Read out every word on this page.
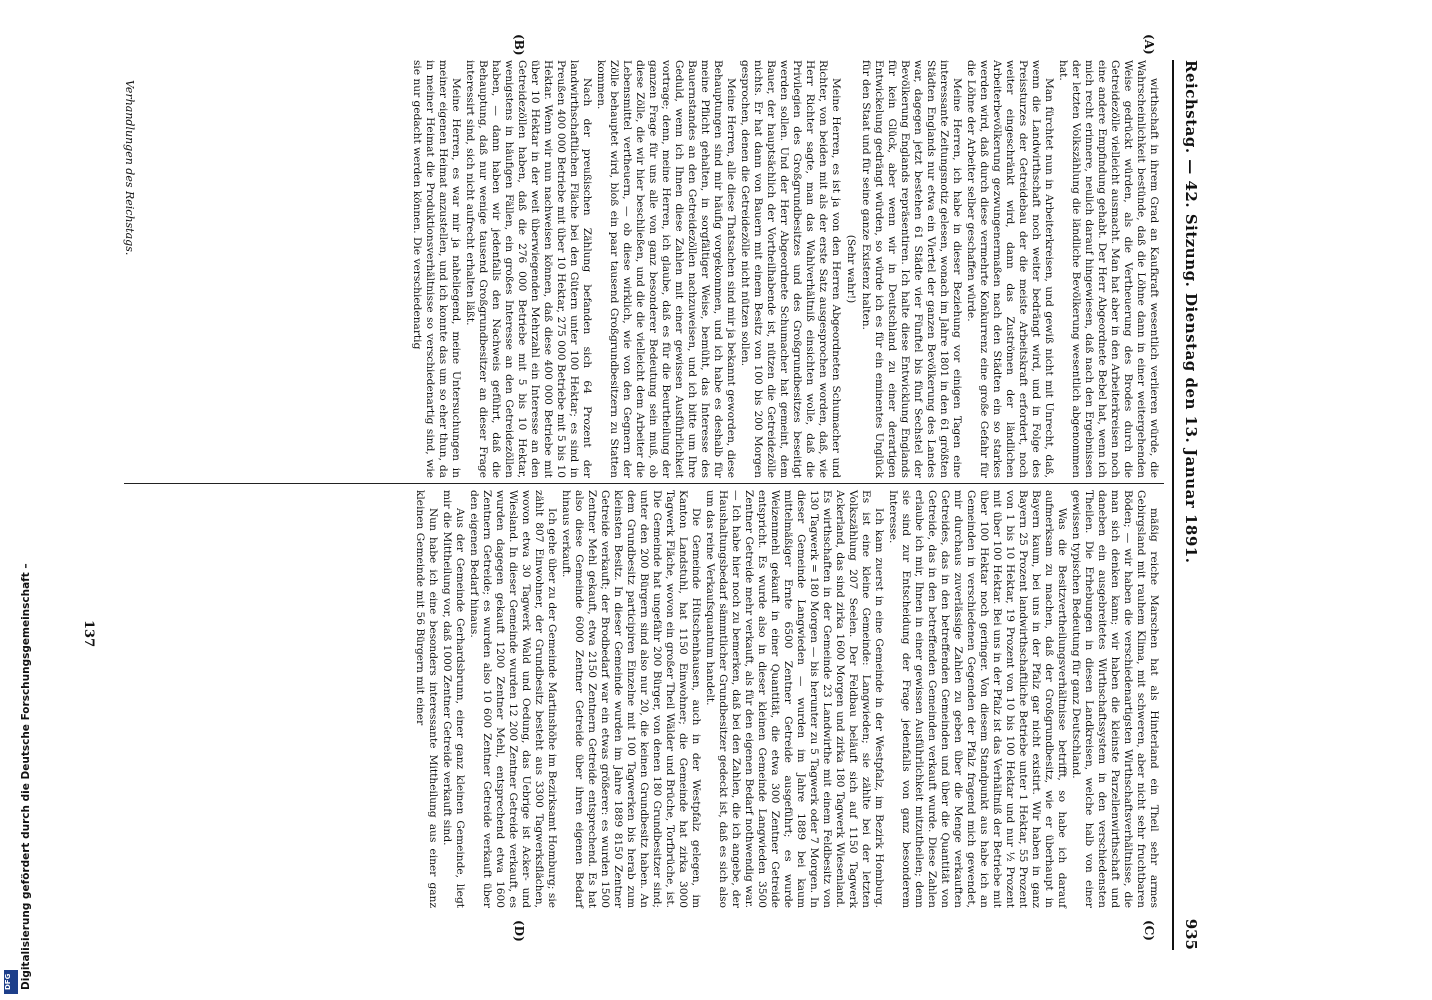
Reichstag. — 42. Sitzung. Dienstag den 13. Januar 1891.
935
(A)
(B)
(C)
(D)

wirthschaft in ihrem Grad an Kaufkraft wesentlich verlieren würde, die Wahrscheinlichkeit bestünde, daß die Löhne dann in einer weitergehenden Weise gedrückt würden, als die Vertheuerung des Brodes durch die Getreidezölle vielleicht ausmacht. Man hat aber in den Arbeiterkreisen noch eine andere Empfindung gehabt. Der Herr Abgeordnete Bebel hat, wenn ich mich recht erinnere, neulich darauf hingewiesen, daß nach den Ergebnissen der letzten Volkszählung die ländliche Bevölkerung wesentlich abgenommen hat.

Man fürchtet nun in Arbeiterkreisen, und gewiß nicht mit Unrecht, daß, wenn die Landwirthschaft noch weiter bedrängt wird, und in Folge des Preissturzes der Getreidebau der die meiste Arbeitskraft erfordert, noch weiter eingeschränkt wird, dann das Zuströmen der ländlichen Arbeiterbevölkerung gezwungenermaßen nach den Städten ein so starkes werden wird, daß durch diese vermehrte Konkurrenz eine große Gefahr für die Löhne der Arbeiter selber geschaffen würde.

Meine Herren, ich habe in dieser Beziehung vor einigen Tagen eine interessante Zeitungsnotiz gelesen, wonach im Jahre 1801 in den 61 größten Städten Englands nur etwa ein Viertel der ganzen Bevölkerung des Landes war, dagegen jetzt bestehen 61 Städte vier Fünftel bis fünf Sechstel der Bevölkerung Englands repräsentiren. Ich halte diese Entwicklung Englands für kein Glück, aber wenn wir in Deutschland zu einer derartigen Entwickelung gedrängt würden, so würde ich es für ein eminentes Unglück für den Staat und für seine ganze Existenz halten.

(Sehr wahr!)

Meine Herren, es ist ja von den Herren Abgeordneten Schumacher und Richter, von beiden mit als der erste Satz ausgesprochen worden, daß, wie Herr Richter sagte, man das Wahlverhältniß einsichten wolle, daß die Privilegien des Großgrundbesitzes und des Großgrundbesitzes beseitigt werden sollen. Und der Herr Abgeordnete Schumacher hat gemeint, dem Bauer, der hauptsächlich der Vortheilhabende ist, nützen die Getreidezölle nichts. Er hat dann von Bauern mit einem Besitz von 100 bis 200 Morgen gesprochen, denen die Getreidezölle nicht nützen sollen.

Meine Herren, alle diese Thatsachen sind mir ja bekannt geworden, diese Behauptungen sind mir häufig vorgekommen, und ich habe es deshalb für meine Pflicht gehalten, in sorgfältiger Weise, bemüht, das Interesse des Bauernstandes an den Getreidezöllen nachzuweisen, und ich bitte um Ihre Geduld, wenn ich Ihnen diese Zahlen mit einer gewissen Ausführlichkeit vortrage; denn, meine Herren, ich glaube, daß es für die Beurtheilung der ganzen Frage für uns alle von ganz besonderer Bedeutung sein muß, ob diese Zölle, die wir hier beschließen, und die die vielleicht dem Arbeiter die Lebensmittel vertheuern, — ob diese wirklich, wie von den Gegnern der Zölle behauptet wird, bloß ein paar tausend Großgrundbesitzern zu Statten kommen.

Nach der preußischen Zählung befanden sich 64 Prozent der landwirthschaftlichen Fläche bei den Gütern unter 100 Hektar; es sind in Preußen 400 000 Betriebe mit über 10 Hektar, 275 000 Betriebe mit 5 bis 10 Hektar. Wenn wir nun nachweisen können, daß diese 400 000 Betriebe mit über 10 Hektar in der weit überwiegenden Mehrzahl ein Interesse an den Getreidezöllen haben, daß die 276 000 Betriebe mit 5 bis 10 Hektar, wenigstens in häufigen Fällen, ein großes Interesse an den Getreidezöllen haben, — dann haben wir jedenfalls den Nachweis geführt, daß die Behauptung, daß nur wenige tausend Großgrundbesitzer an dieser Frage interessirt sind, sich nicht aufrecht erhalten läßt.

Meine Herren, es war mir ja naheliegend, meine Untersuchungen in meiner eigenen Heimat anzustellen, und ich konnte das um so eher thun, da in meiner Heimat die Produktionsverhältnisse so verschiedenartig sind, wie sie nur gedacht werden können. Die verschiedenartig

mäßig reiche Marschen hat als Hinterland ein Theil sehr armes Gebirgsland mit rauhem Klima, mit schweren, aber nicht sehr fruchtbaren Böden; — wir haben die verschiedenartigsten Wirthschaftsverhältnisse, die man sich denken kann; wir haben die kleinste Parzellenwirthschaft und daneben ein ausgebreitetes Wirthschaftssystem in den verschiedensten Theilen. Die Erhebungen in diesen Landkreisen, welche halb von einer gewissen typischen Bedeutung für ganz Deutschland.

Was die Besitzvertheilungsverhältnisse betrifft, so habe ich darauf aufmerksam zu machen, daß der Großgrundbesitz, wie er überhaupt in Bayern kaum, bei uns in der Pfalz gar nicht existirt. Wir haben in ganz Bayern 25 Prozent landwirthschaftliche Betriebe unter 1 Hektar, 55 Prozent von 1 bis 10 Hektar, 19 Prozent von 10 bis 100 Hektar und nur ½ Prozent mit über 100 Hektar. Bei uns in der Pfalz ist das Verhältniß der Betriebe mit über 100 Hektar noch geringer. Von diesem Standpunkt aus habe ich an Gemeinden in verschiedenen Gegenden der Pfalz fragend mich gewendet, mir durchaus zuverlässige Zahlen zu geben über die Menge verkauften Getreides, das in den betreffenden Gemeinden und über die Quantität von Getreide, das in den betreffenden Gemeinden verkauft wurde. Diese Zahlen erlaube ich mir, Ihnen in einer gewissen Ausführlichkeit mitzutheilen; denn sie sind zur Entscheidung der Frage jedenfalls von ganz besonderem Interesse.

Ich kam zuerst in eine Gemeinde in der Westpfalz, im Bezirk Homburg. Es ist eine kleine Gemeinde: Langwieden; sie zählte bei der letzten Volkszählung 207 Seelen. Der Feldbau beläuft sich auf 1150 Tagwerk Ackerland, das sind zirka 1600 Morgen und zirka 180 Tagwerk Wiesenland. Es wirthschaften in der Gemeinde 23 Landwirthe mit einem Feldbesitz von 130 Tagwerk = 180 Morgen — bis herunter zu 5 Tagwerk oder 7 Morgen. In dieser Gemeinde Langwieden — wurden im Jahre 1889 bei kaum mittelmäßiger Ernte 6500 Zentner Getreide ausgeführt; es wurde Weizenmehl gekauft in einer Quantität, die etwa 300 Zentner Getreide entspricht. Es wurde also in dieser kleinen Gemeinde Langwieden 3500 Zentner Getreide mehr verkauft, als für den eigenen Bedarf nothwendig war. — Ich habe hier noch zu bemerken, daß bei den Zahlen, die ich angebe, der Haushaltungsbedarf sämmtlicher Grundbesitzer gedeckt ist, daß es sich also um das reine Verkaufsquantum handelt.

Die Gemeinde Hütschenhausen, auch in der Westpfalz gelegen, im Kanton Landstuhl, hat 1150 Einwohner; die Gemeinde hat zirka 3000 Tagwerk Fläche, wovon ein großer Theil Wälder und Brüche, Torfbrüche, ist. Die Gemeinde hat ungefähr 200 Bürger, von denen 180 Grundbesitzer sind; unter den 200 Bürgern sind also nur 20, die keinen Grundbesitz haben. An dem Grundbesitz participiren Einzelne mit 100 Tagwerken bis herab zum kleinsten Besitz. In dieser Gemeinde wurden im Jahre 1889 8150 Zentner Getreide verkauft; der Brodbedarf war ein etwas größerer: es wurden 1500 Zentner Mehl gekauft, etwa 2150 Zentnern Getreide entsprechend. Es hat also diese Gemeinde 6000 Zentner Getreide über ihren eigenen Bedarf hinaus verkauft.

Ich gehe über zu der Gemeinde Martinshöhe im Bezirksamt Homburg; sie zählt 807 Einwohner, der Grundbesitz besteht aus 3300 Tagwerksflächen, wovon etwa 30 Tagwerk Wald und Oedung, das Uebrige ist Acker- und Wiesland. In dieser Gemeinde wurden 12 200 Zentner Getreide verkauft, es wurden dagegen gekauft 1200 Zentner Mehl, entsprechend etwa 1600 Zentnern Getreide; es wurden also 10 600 Zentner Getreide verkauft über den eigenen Bedarf hinaus.

Aus der Gemeinde Gerhardsbrunn, einer ganz kleinen Gemeinde, liegt mir die Mittheilung vor, daß 1000 Zentner Getreide verkauft sind.

Nun habe ich eine besonders interessante Mittheilung aus einer ganz kleinen Gemeinde mit 56 Bürgern mit einer

Verhandlungen des Reichstags.
137
Digitalisierung gefördert durch die Deutsche Forschungsgemeinschaft –
DFG
